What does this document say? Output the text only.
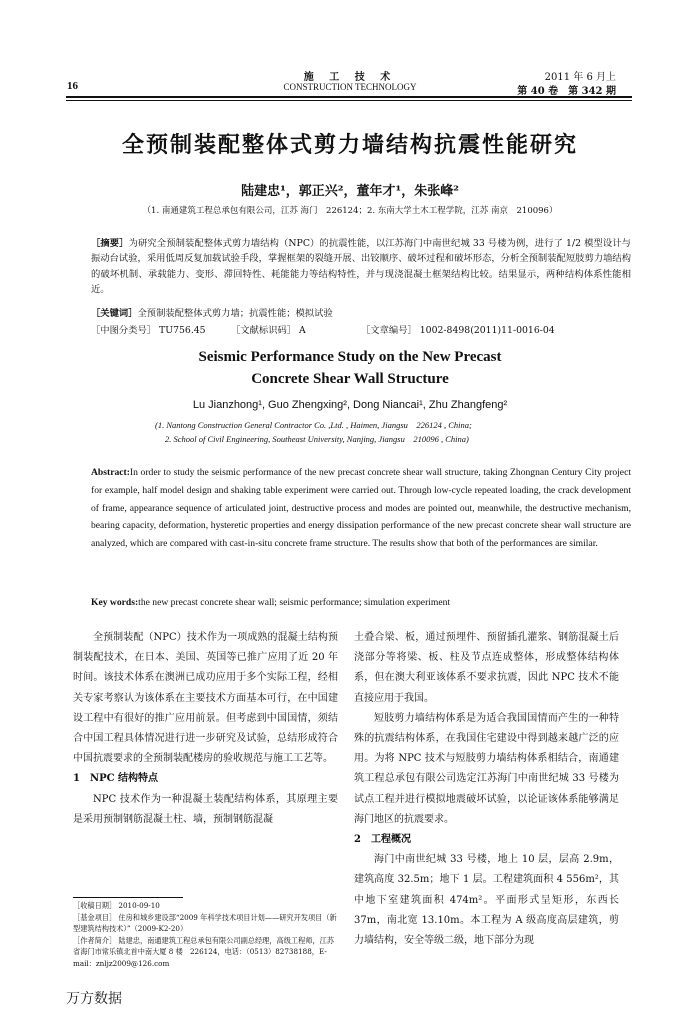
16
施 工 技 术
CONSTRUCTION TECHNOLOGY
2011 年 6 月上
第 40 卷　第 342 期
全预制装配整体式剪力墙结构抗震性能研究
陆建忠¹，郭正兴²，董年才¹，朱张峰²
（1. 南通建筑工程总承包有限公司，江苏 海门　226124；2. 东南大学土木工程学院，江苏 南京　210096）
［摘要］为研究全预制装配整体式剪力墙结构（NPC）的抗震性能，以江苏海门中南世纪城 33 号楼为例，进行了 1/2 模型设计与振动台试验，采用低周反复加载试验手段，掌握框架的裂缝开展、出铰顺序、破坏过程和破坏形态，分析全预制装配短肢剪力墙结构的破坏机制、承载能力、变形、滞回特性、耗能能力等结构特性，并与现浇混凝土框架结构比较。结果显示，两种结构体系性能相近。
［关键词］全预制装配整体式剪力墙；抗震性能；模拟试验
［中图分类号］ TU756.45	［文献标识码］ A	［文章编号］ 1002-8498(2011)11-0016-04
Seismic Performance Study on the New Precast
Concrete Shear Wall Structure
Lu Jianzhong¹, Guo Zhengxing², Dong Niancai¹, Zhu Zhangfeng²
(1. Nantong Construction General Contractor Co. ,Ltd. , Haimen, Jiangsu　226124 , China;
2. School of Civil Engineering, Southeast University, Nanjing, Jiangsu　210096 , China)
Abstract:In order to study the seismic performance of the new precast concrete shear wall structure, taking Zhongnan Century City project for example, half model design and shaking table experiment were carried out. Through low-cycle repeated loading, the crack development of frame, appearance sequence of articulated joint, destructive process and modes are pointed out, meanwhile, the destructive mechanism, bearing capacity, deformation, hysteretic properties and energy dissipation performance of the new precast concrete shear wall structure are analyzed, which are compared with cast-in-situ concrete frame structure. The results show that both of the performances are similar.
Key words:the new precast concrete shear wall; seismic performance; simulation experiment

全预制装配（NPC）技术作为一项成熟的混凝土结构预制装配技术，在日本、美国、英国等已推广应用了近 20 年时间。该技术体系在澳洲已成功应用于多个实际工程，经相关专家考察认为该体系在主要技术方面基本可行，在中国建设工程中有很好的推广应用前景。但考虑到中国国情，须结合中国工程具体情况进行进一步研究及试验，总结形成符合中国抗震要求的全预制装配楼房的验收规范与施工工艺等。

1　NPC 结构特点

NPC 技术作为一种混凝土装配结构体系，其原理主要是采用预制钢筋混凝土柱、墙，预制钢筋混凝

土叠合梁、板，通过预埋件、预留插孔灌浆、钢筋混凝土后浇部分等将梁、板、柱及节点连成整体，形成整体结构体系，但在澳大利亚该体系不要求抗震，因此 NPC 技术不能直接应用于我国。

短肢剪力墙结构体系是为适合我国国情而产生的一种特殊的抗震结构体系，在我国住宅建设中得到越来越广泛的应用。为将 NPC 技术与短肢剪力墙结构体系相结合，南通建筑工程总承包有限公司选定江苏海门中南世纪城 33 号楼为试点工程并进行模拟地震破坏试验，以论证该体系能够满足海门地区的抗震要求。

2　工程概况

海门中南世纪城 33 号楼，地上 10 层，层高 2.9m，建筑高度 32.5m；地下 1 层。工程建筑面积 4 556m²，其中地下室建筑面积 474m²。平面形式呈矩形，东西长 37m，南北宽 13.10m。本工程为 A 级高度高层建筑，剪力墙结构，安全等级二级，地下部分为现

［收稿日期］ 2010-09-10
［基金项目］ 住房和城乡建设部“2009 年科学技术项目计划——研究开发项目（新型建筑结构技术）”（2009-K2-20）
［作者简介］ 陆建忠，南通建筑工程总承包有限公司副总经理，高级工程师，江苏省海门市常乐镇北首中南大厦 8 楼　226124，电话：（0513）82738188，E-mail：znljz2009@126.com
万方数据
